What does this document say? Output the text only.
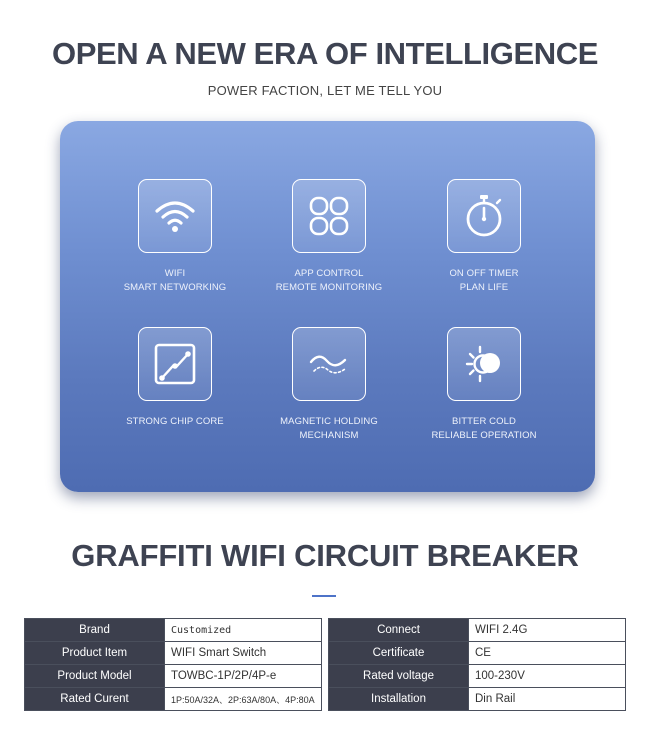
OPEN A NEW ERA OF INTELLIGENCE
POWER FACTION, LET ME TELL YOU
WIFI
SMART NETWORKING
APP CONTROL
REMOTE MONITORING
ON OFF TIMER
PLAN LIFE
STRONG CHIP CORE	MAGNETIC HOLDING
MECHANISM
BITTER COLD
RELIABLE OPERATION
GRAFFITI WIFI CIRCUIT BREAKER
Brand	Customized
Product Item	WIFI Smart Switch
Product Model	TOWBC-1P/2P/4P-e
Rated Curent	1P:50A/32A、2P:63A/80A、4P:80A
Connect	WIFI 2.4G
Certificate	CE
Rated voltage	100-230V
Installation	Din Rail
